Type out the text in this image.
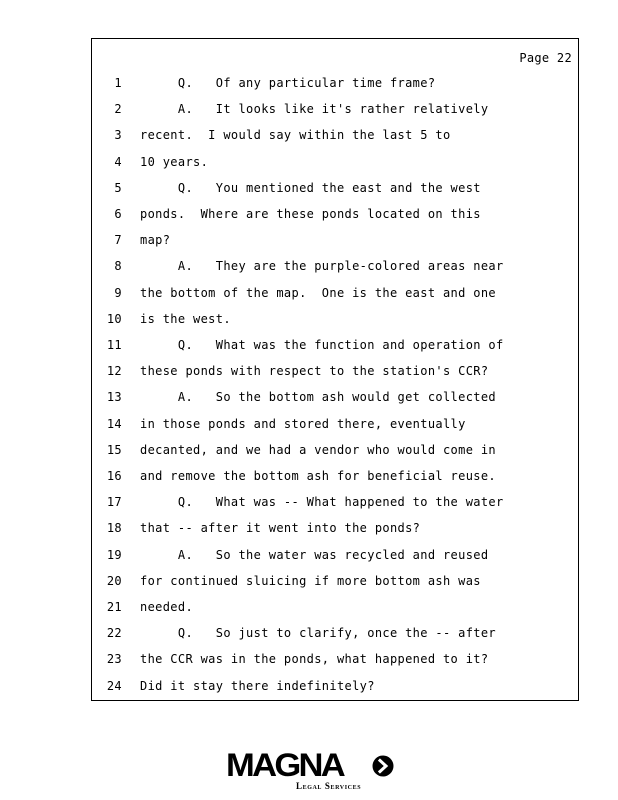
Page 22
1 Q.   Of any particular time frame?
2 A.   It looks like it's rather relatively
3 recent.  I would say within the last 5 to
4 10 years.
5 Q.   You mentioned the east and the west
6 ponds.  Where are these ponds located on this
7 map?
8 A.   They are the purple-colored areas near
9 the bottom of the map.  One is the east and one
10 is the west.
11 Q.   What was the function and operation of
12 these ponds with respect to the station's CCR?
13 A.   So the bottom ash would get collected
14 in those ponds and stored there, eventually
15 decanted, and we had a vendor who would come in
16 and remove the bottom ash for beneficial reuse.
17 Q.   What was -- What happened to the water
18 that -- after it went into the ponds?
19 A.   So the water was recycled and reused
20 for continued sluicing if more bottom ash was
21 needed.
22 Q.   So just to clarify, once the -- after
23 the CCR was in the ponds, what happened to it?
24 Did it stay there indefinitely?
MAGNA
Legal Services
